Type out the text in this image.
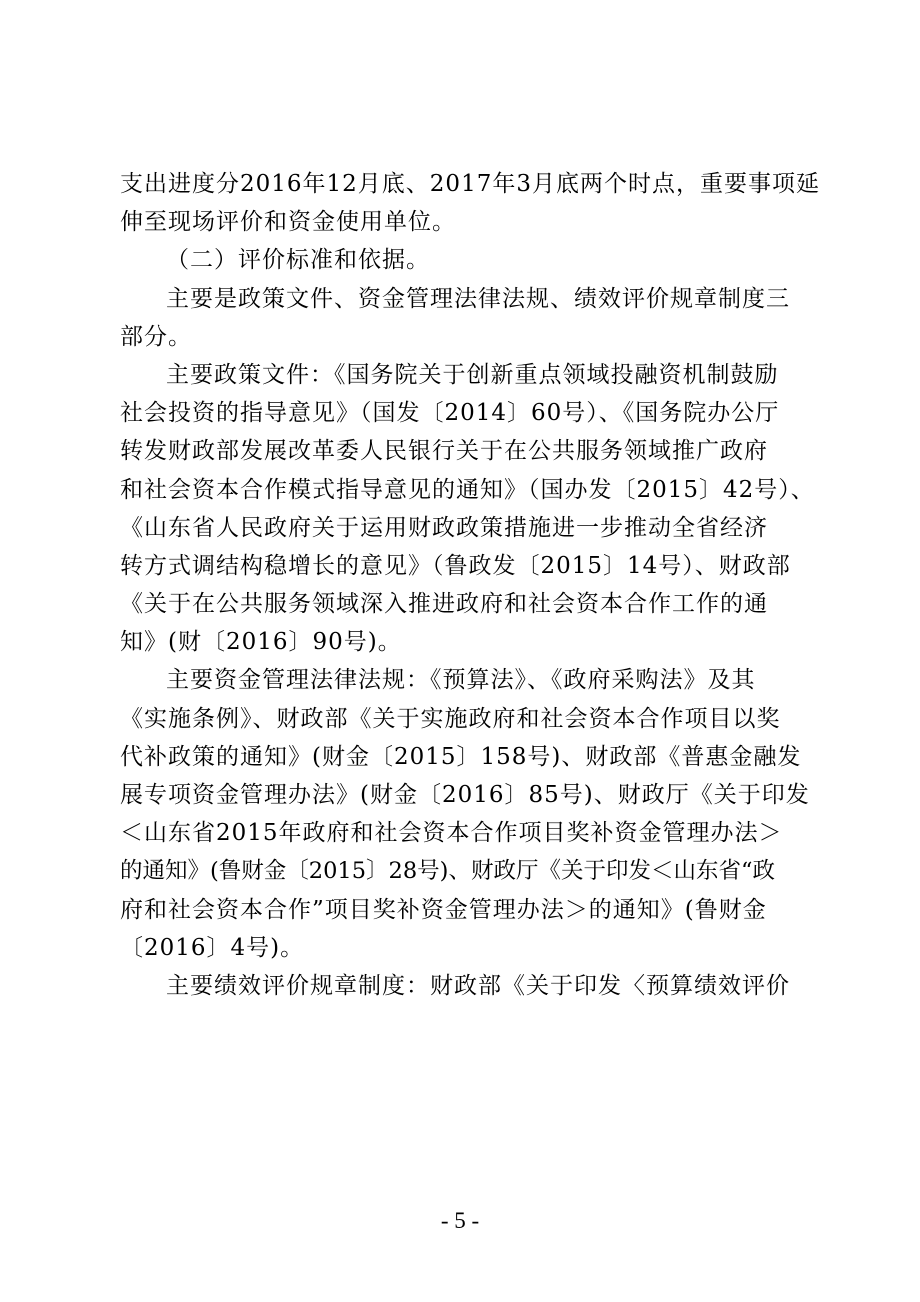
支出进度分2016年12月底、2017年3月底两个时点，重要事项延
伸至现场评价和资金使用单位。
（二）评价标准和依据。
主要是政策文件、资金管理法律法规、绩效评价规章制度三
部分。
主要政策文件：《国务院关于创新重点领域投融资机制鼓励
社会投资的指导意见》（国发〔2014〕60号）、《国务院办公厅
转发财政部发展改革委人民银行关于在公共服务领域推广政府
和社会资本合作模式指导意见的通知》（国办发〔2015〕42号）、
《山东省人民政府关于运用财政政策措施进一步推动全省经济
转方式调结构稳增长的意见》（鲁政发〔2015〕14号）、财政部
《关于在公共服务领域深入推进政府和社会资本合作工作的通
知》(财〔2016〕90号)。
主要资金管理法律法规：《预算法》、《政府采购法》及其
《实施条例》、财政部《关于实施政府和社会资本合作项目以奖
代补政策的通知》(财金〔2015〕158号)、财政部《普惠金融发
展专项资金管理办法》(财金〔2016〕85号)、财政厅《关于印发
＜山东省2015年政府和社会资本合作项目奖补资金管理办法＞
的通知》(鲁财金〔2015〕28号)、财政厅《关于印发＜山东省“政
府和社会资本合作”项目奖补资金管理办法＞的通知》(鲁财金
〔2016〕4号)。
主要绩效评价规章制度：财政部《关于印发〈预算绩效评价
- 5 -
